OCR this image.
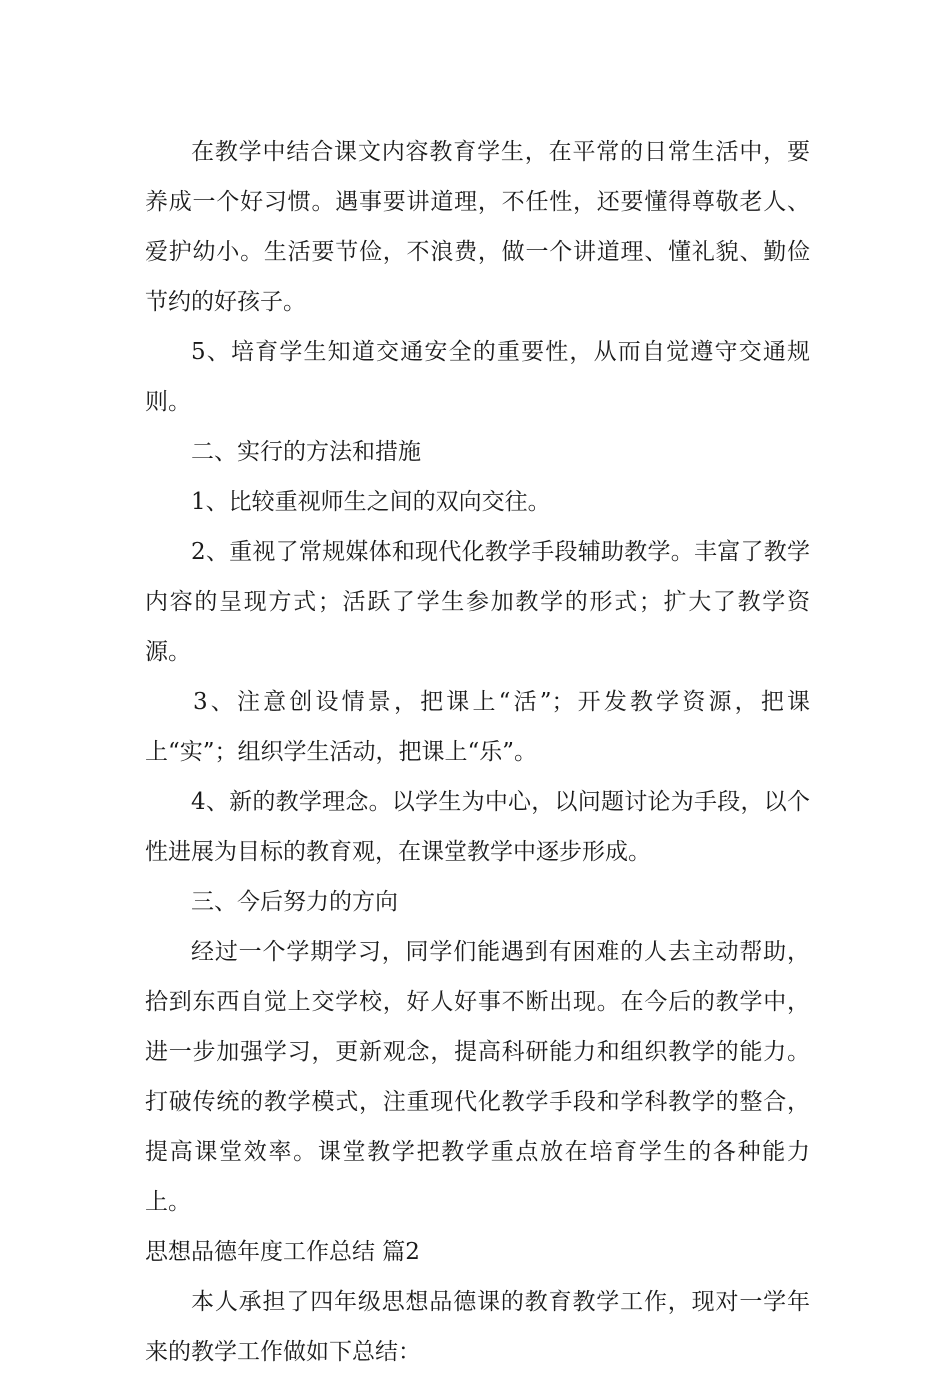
在教学中结合课文内容教育学生，在平常的日常生活中，要养成一个好习惯。遇事要讲道理，不任性，还要懂得尊敬老人、爱护幼小。生活要节俭，不浪费，做一个讲道理、懂礼貌、勤俭节约的好孩子。

5、培育学生知道交通安全的重要性，从而自觉遵守交通规则。

二、实行的方法和措施

1、比较重视师生之间的双向交往。

2、重视了常规媒体和现代化教学手段辅助教学。丰富了教学内容的呈现方式；活跃了学生参加教学的形式；扩大了教学资源。

3、注意创设情景，把课上“活”；开发教学资源，把课上“实”；组织学生活动，把课上“乐”。

4、新的教学理念。以学生为中心，以问题讨论为手段，以个性进展为目标的教育观，在课堂教学中逐步形成。

三、今后努力的方向

经过一个学期学习，同学们能遇到有困难的人去主动帮助，拾到东西自觉上交学校，好人好事不断出现。在今后的教学中，进一步加强学习，更新观念，提高科研能力和组织教学的能力。打破传统的教学模式，注重现代化教学手段和学科教学的整合，提高课堂效率。课堂教学把教学重点放在培育学生的各种能力上。

思想品德年度工作总结 篇2

本人承担了四年级思想品德课的教育教学工作，现对一学年来的教学工作做如下总结：
